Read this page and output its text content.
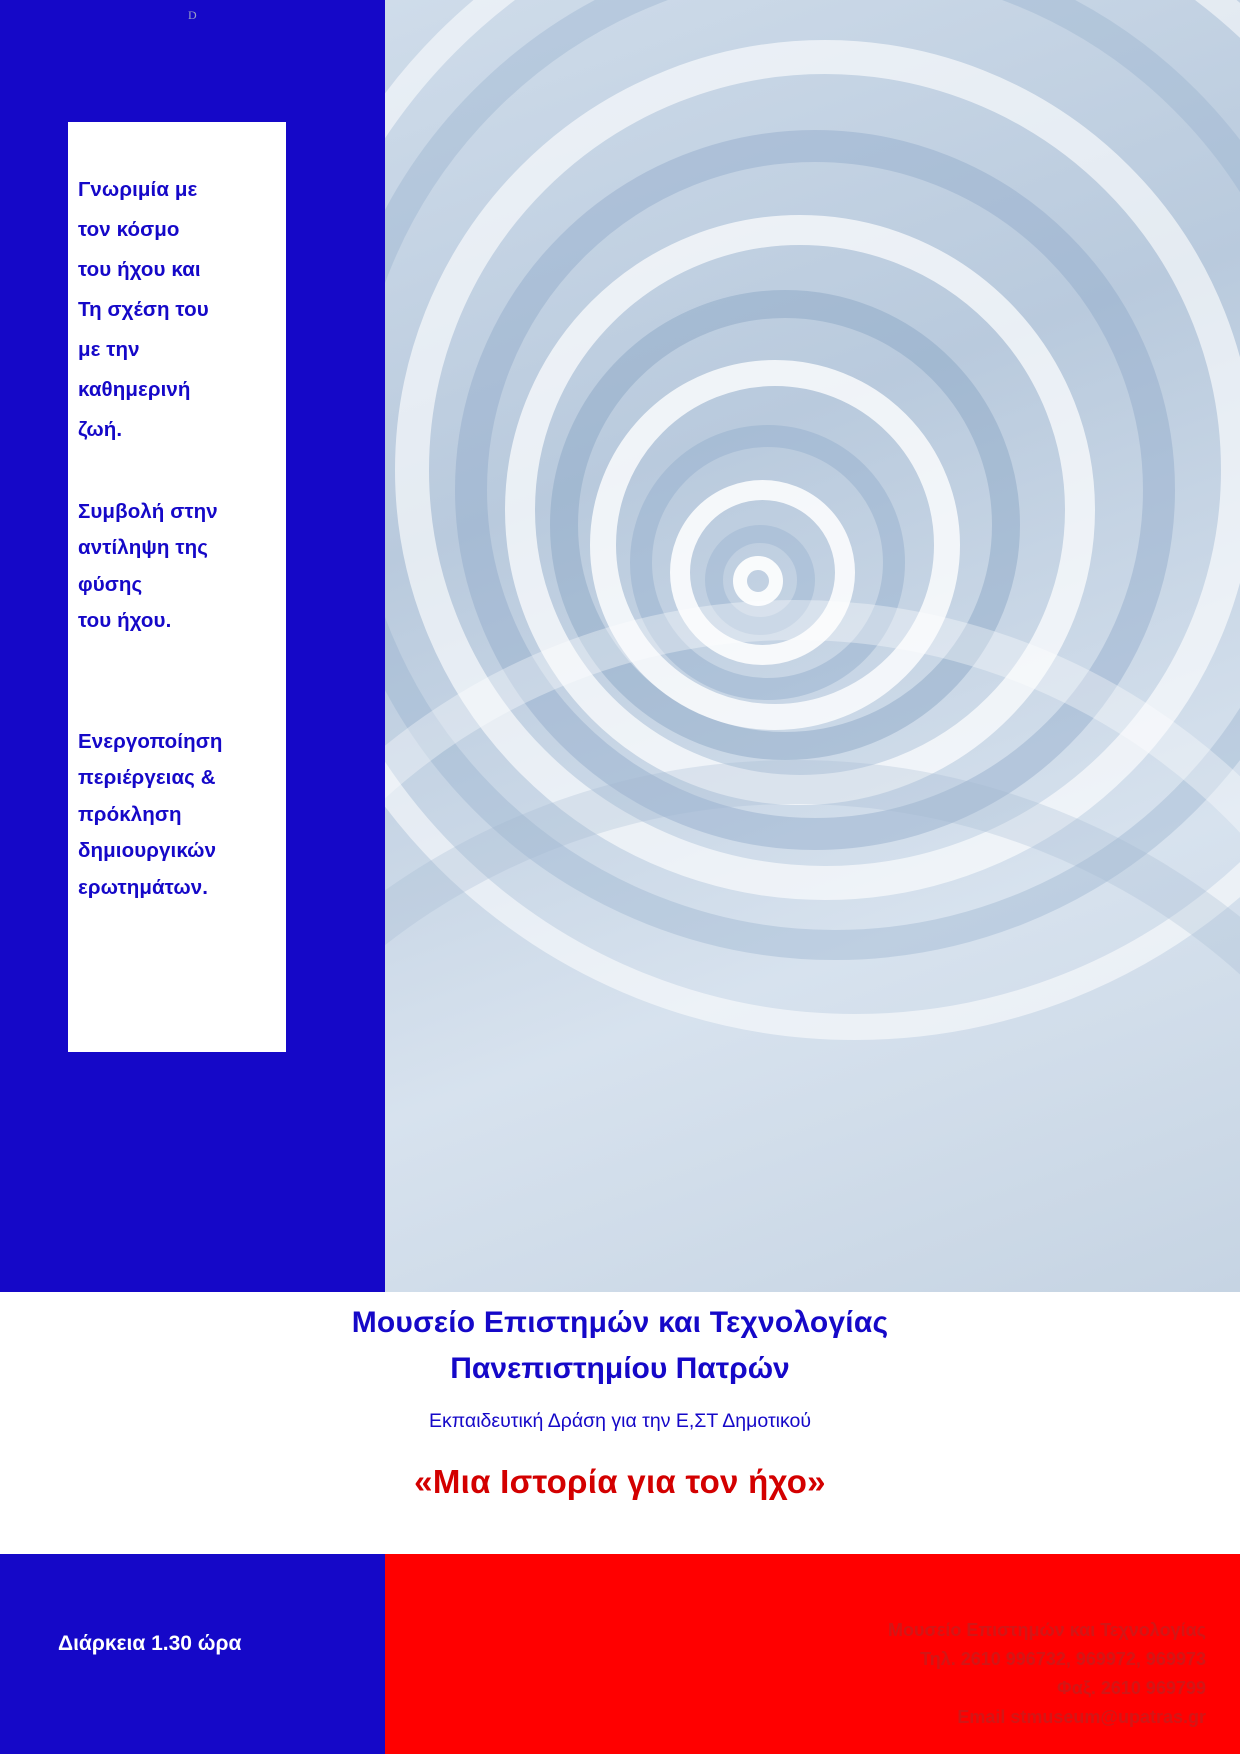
D
Γνωριμία με
τον κόσμο
του ήχου και
Τη σχέση του
με την
καθημερινή
ζωή.
Συμβολή στην
αντίληψη της
φύσης
του ήχου.
Ενεργοποίηση
περιέργειας &
πρόκληση
δημιουργικών
ερωτημάτων.
Μουσείο Επιστημών και Τεχνολογίας
Πανεπιστημίου Πατρών
Εκπαιδευτική Δράση για την Ε,ΣΤ Δημοτικού
«Μια Ιστορία για τον ήχο»
Διάρκεια 1.30 ώρα
Μουσείο Επιστημών και Τεχνολογίας
Τηλ. 2610 996732, 969972, 969973
Φαξ. 2610 969799
Email stmuseum@upatras.gr
